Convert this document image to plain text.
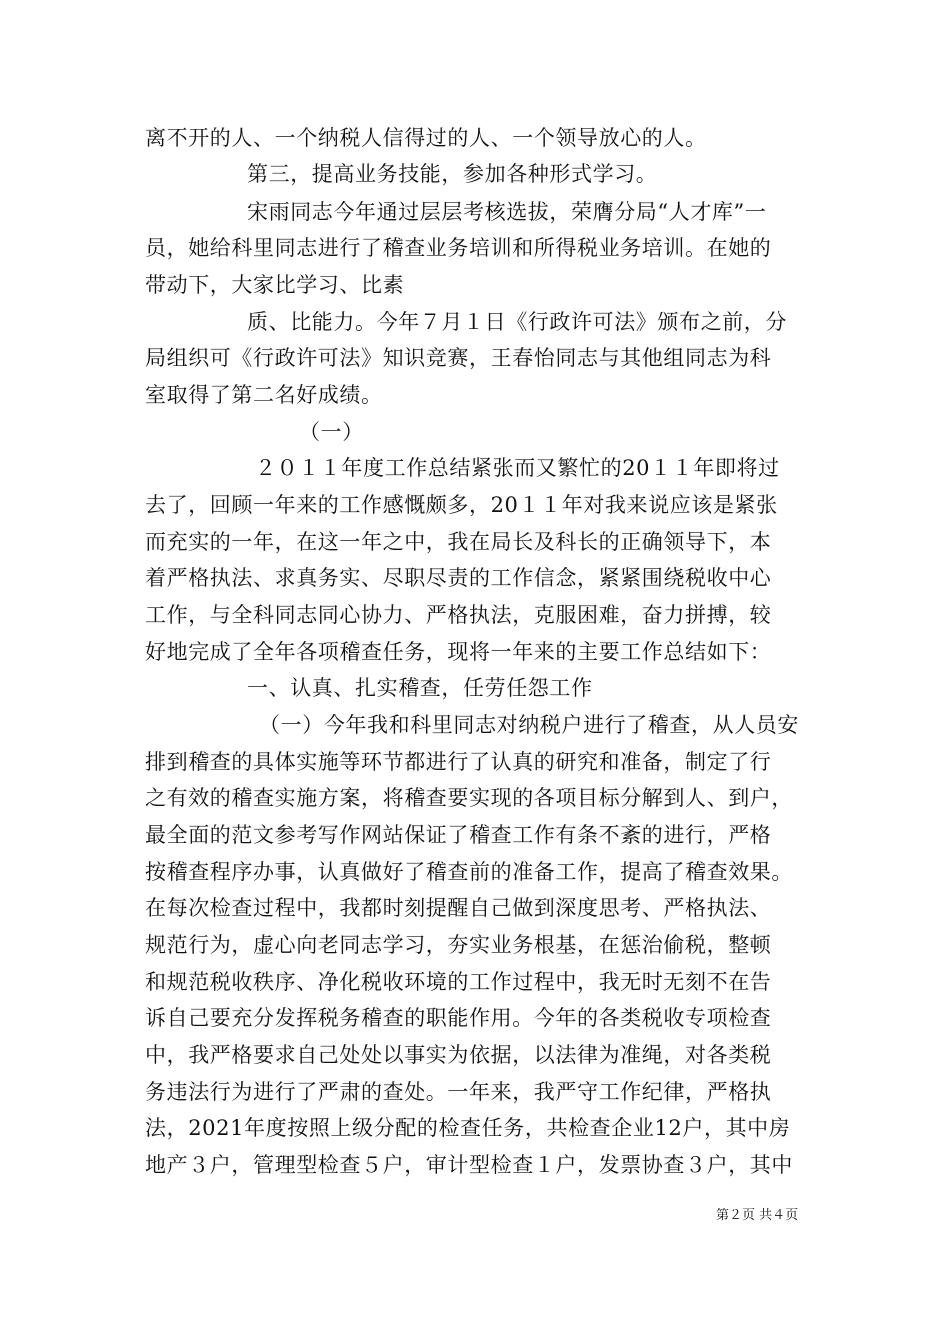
离不开的人、一个纳税人信得过的人、一个领导放心的人。
第三，提高业务技能，参加各种形式学习。
宋雨同志今年通过层层考核选拔，荣膺分局“人才库”一
员，她给科里同志进行了稽查业务培训和所得税业务培训。在她的
带动下，大家比学习、比素
质、比能力。今年７月１日《行政许可法》颁布之前，分
局组织可《行政许可法》知识竞赛，王春怡同志与其他组同志为科
室取得了第二名好成绩。
（一）
２０１１年度工作总结紧张而又繁忙的20１１年即将过
去了，回顾一年来的工作感慨颇多，20１１年对我来说应该是紧张
而充实的一年，在这一年之中，我在局长及科长的正确领导下，本
着严格执法、求真务实、尽职尽责的工作信念，紧紧围绕税收中心
工作，与全科同志同心协力、严格执法，克服困难，奋力拼搏，较
好地完成了全年各项稽查任务，现将一年来的主要工作总结如下：
一、认真、扎实稽查，任劳任怨工作
（一）今年我和科里同志对纳税户进行了稽查，从人员安
排到稽查的具体实施等环节都进行了认真的研究和准备，制定了行
之有效的稽查实施方案，将稽查要实现的各项目标分解到人、到户，
最全面的范文参考写作网站保证了稽查工作有条不紊的进行，严格
按稽查程序办事，认真做好了稽查前的准备工作，提高了稽查效果。
在每次检查过程中，我都时刻提醒自己做到深度思考、严格执法、
规范行为，虚心向老同志学习，夯实业务根基，在惩治偷税，整顿
和规范税收秩序、净化税收环境的工作过程中，我无时无刻不在告
诉自己要充分发挥税务稽查的职能作用。今年的各类税收专项检查
中，我严格要求自己处处以事实为依据，以法律为准绳，对各类税
务违法行为进行了严肃的查处。一年来，我严守工作纪律，严格执
法，2021年度按照上级分配的检查任务，共检查企业12户，其中房
地产３户，管理型检查５户，审计型检查１户，发票协查３户，其中
第２页 共４页
